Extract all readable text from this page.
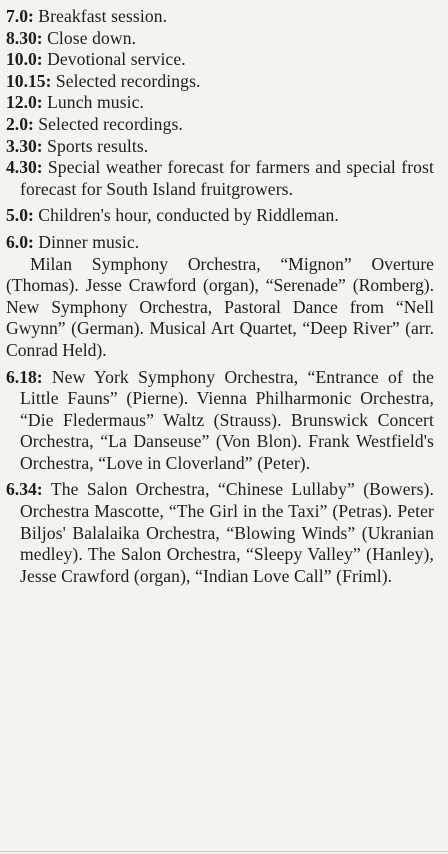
7.0: Breakfast session.

8.30: Close down.

10.0: Devotional service.

10.15: Selected recordings.

12.0: Lunch music.

2.0: Selected recordings.

3.30: Sports results.

4.30: Special weather forecast for farmers and special frost forecast for South Island fruitgrowers.

5.0: Children's hour, conducted by Riddleman.

6.0: Dinner music.

Milan Symphony Orchestra, “Mignon” Overture (Thomas). Jesse Crawford (organ), “Serenade” (Romberg). New Symphony Orchestra, Pastoral Dance from “Nell Gwynn” (German). Musical Art Quartet, “Deep River” (arr. Conrad Held).

6.18: New York Symphony Orchestra, “Entrance of the Little Fauns” (Pierne). Vienna Philharmonic Orchestra, “Die Fledermaus” Waltz (Strauss). Brunswick Concert Orchestra, “La Danseuse” (Von Blon). Frank Westfield's Orchestra, “Love in Cloverland” (Peter).

6.34: The Salon Orchestra, “Chinese Lullaby” (Bowers). Orchestra Mascotte, “The Girl in the Taxi” (Petras). Peter Biljos' Balalaika Orchestra, “Blowing Winds” (Ukranian medley). The Salon Orchestra, “Sleepy Valley” (Hanley), Jesse Crawford (organ), “Indian Love Call” (Friml).
